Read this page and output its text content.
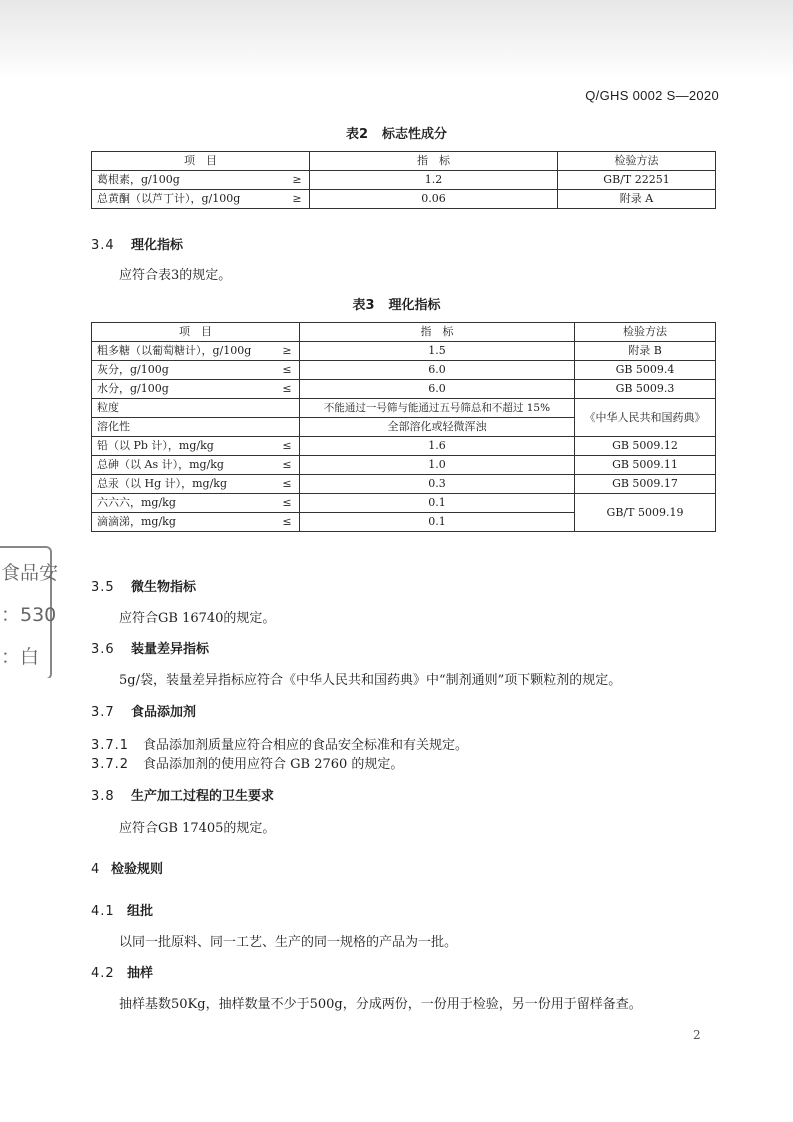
Q/GHS 0002 S—2020
表2 标志性成分
项　目	指　标	检验方法

葛根素，g/100g ≥	1.2	GB/T 22251

总黄酮（以芦丁计），g/100g ≥	0.06	附录 A
3.4 理化指标
应符合表3的规定。
表3 理化指标
项　目	指　标	检验方法

粗多糖（以葡萄糖计），g/100g ≥	1.5	附录 B

灰分，g/100g ≤	6.0	GB 5009.4

水分，g/100g ≤	6.0	GB 5009.3

粒度	不能通过一号筛与能通过五号筛总和不超过 15%	《中华人民共和国药典》

溶化性	全部溶化或轻微浑浊	

铅（以 Pb 计），mg/kg ≤	1.6	GB 5009.12

总砷（以 As 计），mg/kg ≤	1.0	GB 5009.11

总汞（以 Hg 计），mg/kg ≤	0.3	GB 5009.17

六六六，mg/kg ≤	0.1	GB/T 5009.19

滴滴涕，mg/kg ≤	0.1	
食品安
：530
：白
3.5 微生物指标
应符合GB 16740的规定。
3.6 装量差异指标
5g/袋，装量差异指标应符合《中华人民共和国药典》中“制剂通则”项下颗粒剂的规定。
3.7 食品添加剂
3.7.1 食品添加剂质量应符合相应的食品安全标准和有关规定。
3.7.2 食品添加剂的使用应符合 GB 2760 的规定。
3.8 生产加工过程的卫生要求
应符合GB 17405的规定。
4 检验规则
4.1 组批
以同一批原料、同一工艺、生产的同一规格的产品为一批。
4.2 抽样
抽样基数50Kg，抽样数量不少于500g，分成两份，一份用于检验，另一份用于留样备查。
2
